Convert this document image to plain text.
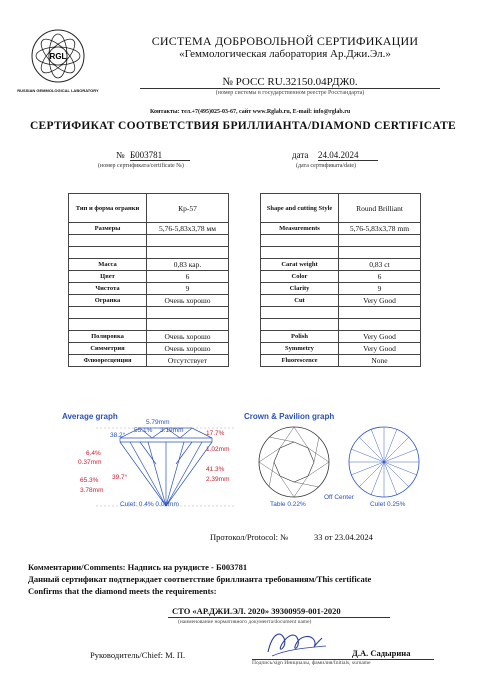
RGL
RUSSIAN GEMMOLOGICAL LABORATORY
СИСТЕМА ДОБРОВОЛЬНОЙ СЕРТИФИКАЦИИ
«Геммологическая лаборатория Ар.Джи.Эл.»
№ РОСС RU.32150.04РДЖ0.
(номер системы в государственном реестре Росстандарта)
Контакты: тел.+7(495)025-03-67, сайт www.Rglab.ru, E-mail: info@rglab.ru
СЕРТИФИКАТ СООТВЕТСТВИЯ БРИЛЛИАНТА/DIAMOND CERTIFICATE
№ Б003781
(номер сертификата/certificate №)
дата 24.04.2024
(дата сертификата/date)
Тип и форма огранки	Кр-57
Размеры	5,76-5,83x3,78 мм

Масса	0,83 кар.
Цвет	6
Чистота	9
Огранка	Очень хорошо

Полировка	Очень хорошо
Симметрия	Очень хорошо
Флюоресценция	Отсутствует
Shape and cutting Style	Round Brilliant
Measurements	5,76-5,83x3,78 mm

Carat weight	0,83 ct
Color	6
Clarity	9
Cut	Very Good

Polish	Very Good
Symmetry	Very Good
Fluorescence	None
Average graph
5.79mm
55.1% 3.19mm
38.2°	17.7%
1.02mm
6.4%
0.37mm
39.7°
41.3%
2.39mm
65.3%
3.78mm
Culet: 0.4% 0.02mm
Crown & Pavilion graph
Table 0.22%
Off Center
Culet 0.25%
Протокол/Protocol: №	33 от 23.04.2024
Комментарии/Comments: Надпись на рундисте - Б003781
Данный сертификат подтверждает соответствие бриллианта требованиям/This certificate
Confirms that the diamond meets the requirements:
СТО «АР.ДЖИ.ЭЛ. 2020» 39300959-001-2020
(наименование нормативного документа/document name)
Руководитель/Chief: М. П.	Д.А. Садырина
Подпись/sign Инициалы, фамилия/Initials, surname
